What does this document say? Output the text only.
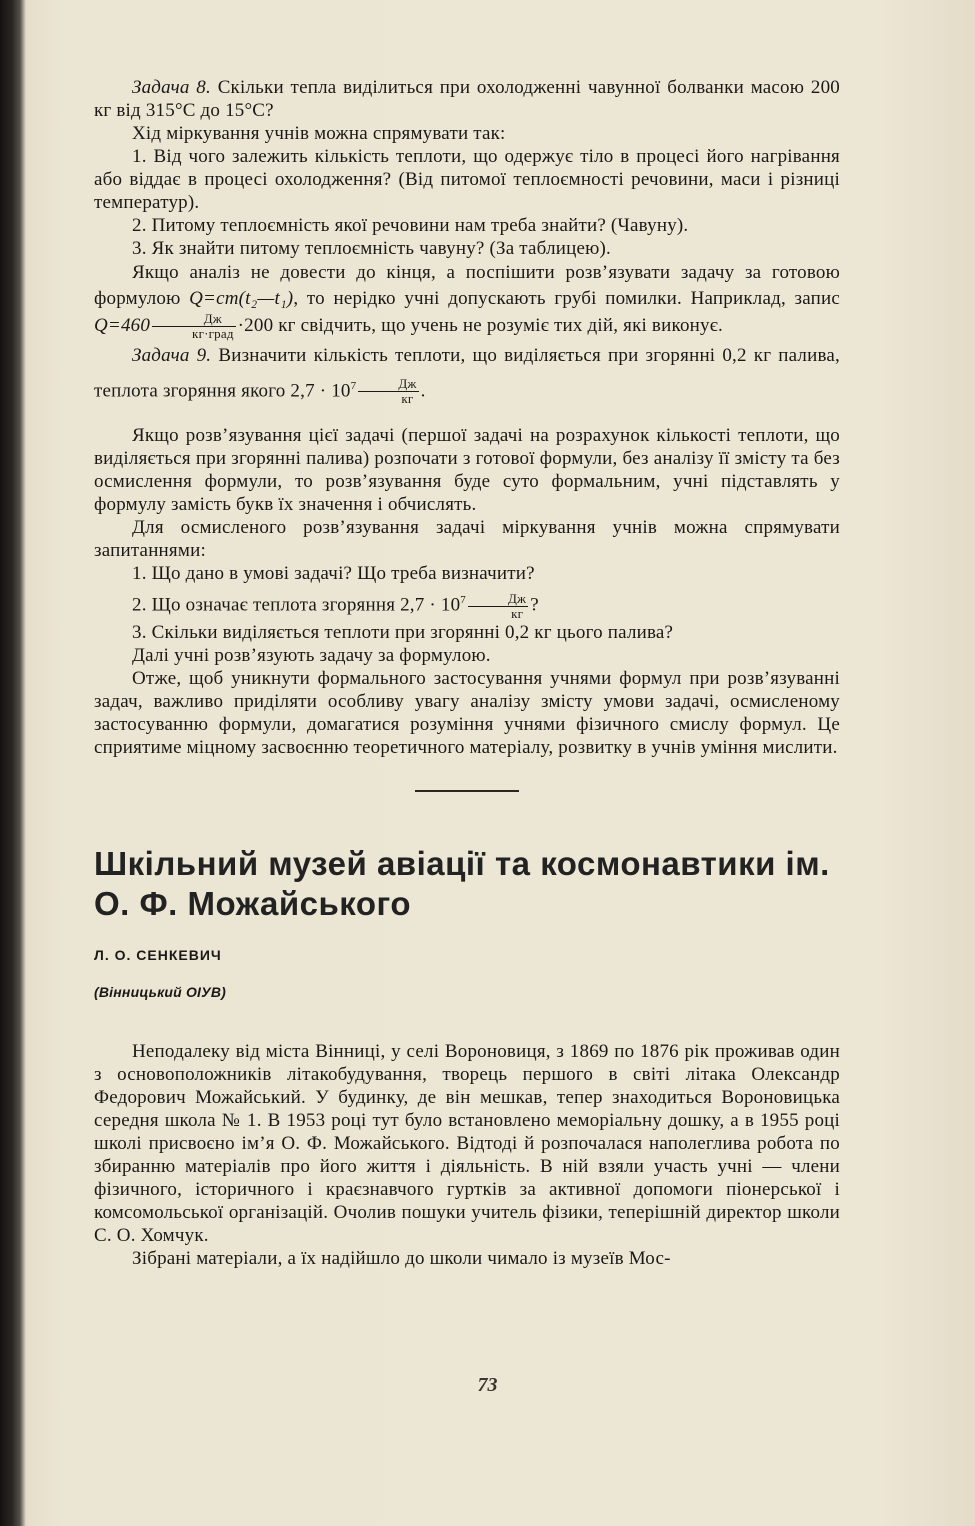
Задача 8. Скільки тепла виділиться при охолодженні чавунної болванки масою 200 кг від 315°С до 15°С?

Хід міркування учнів можна спрямувати так:

1. Від чого залежить кількість теплоти, що одержує тіло в процесі його нагрівання або віддає в процесі охолодження? (Від питомої теплоємності речовини, маси і різниці температур).

2. Питому теплоємність якої речовини нам треба знайти? (Чавуну).

3. Як знайти питому теплоємність чавуну? (За таблицею).

Якщо аналіз не довести до кінця, а поспішити розв’язувати задачу за готовою формулою Q=cm(t₂—t₁), то нерідко учні допускають грубі помилки. Наприклад, запис $Q=460 \frac{Дж}{\text{кг·град}} \cdot 200$ кг свідчить, що учень не розуміє тих дій, які виконує.

Задача 9. Визначити кількість теплоти, що виділяється при згорянні 0,2 кг палива, теплота згоряння якого $2,7 \cdot 10^7 \frac{Дж}{кг}$ .

Якщо розв’язування цієї задачі (першої задачі на розрахунок кількості теплоти, що виділяється при згорянні палива) розпочати з готової формули, без аналізу її змісту та без осмислення формули, то розв’язування буде суто формальним, учні підставлять у формулу замість букв їх значення і обчислять.

Для осмисленого розв’язування задачі міркування учнів можна спрямувати запитаннями:

1. Що дано в умові задачі? Що треба визначити?

2. Що означає теплота згоряння $2,7 \cdot 10^7 \frac{Дж}{кг}$ ?

3. Скільки виділяється теплоти при згорянні 0,2 кг цього палива?

Далі учні розв’язують задачу за формулою.

Отже, щоб уникнути формального застосування учнями формул при розв’язуванні задач, важливо приділяти особливу увагу аналізу змісту умови задачі, осмисленому застосуванню формули, домагатися розуміння учнями фізичного смислу формул. Це сприятиме міцному засвоєнню теоретичного матеріалу, розвитку в учнів уміння мислити.

Шкільний музей авіації та космонавтики ім. О. Ф. Можайського
Л. О. СЕНКЕВИЧ
(Вінницький ОІУВ)

Неподалеку від міста Вінниці, у селі Вороновиця, з 1869 по 1876 рік проживав один з основоположників літакобудування, творець першого в світі літака Олександр Федорович Можайський. У будинку, де він мешкав, тепер знаходиться Вороновицька середня школа № 1. В 1953 році тут було встановлено меморіальну дошку, а в 1955 році школі присвоєно ім’я О. Ф. Можайського. Відтоді й розпочалася наполеглива робота по збиранню матеріалів про його життя і діяльність. В ній взяли участь учні — члени фізичного, історичного і краєзнавчого гуртків за активної допомоги піонерської і комсомольської організацій. Очолив пошуки учитель фізики, теперішній директор школи С. О. Хомчук.

Зібрані матеріали, а їх надійшло до школи чимало із музеїв Мос-

73
